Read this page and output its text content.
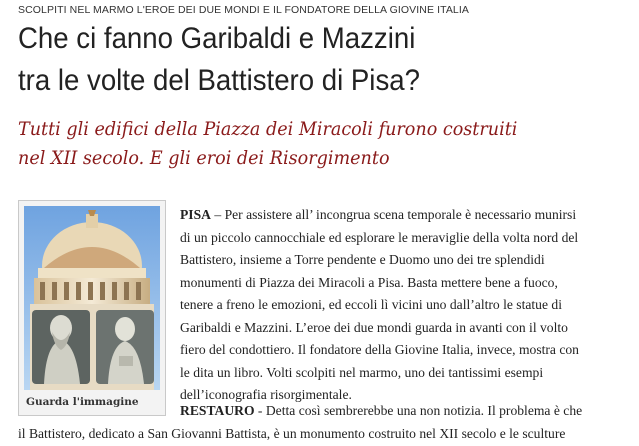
SCOLPITI NEL MARMO L'EROE DEI DUE MONDI E IL FONDATORE DELLA GIOVINE ITALIA
Che ci fanno Garibaldi e Mazzini
tra le volte del Battistero di Pisa?
Tutti gli edifici della Piazza dei Miracoli furono costruiti
nel XII secolo. E gli eroi dei Risorgimento
Guarda l'immagine
PISA – Per assistere all’ incongrua scena temporale è necessario munirsi
di un piccolo cannocchiale ed esplorare le meraviglie della volta nord del
Battistero, insieme a Torre pendente e Duomo uno dei tre splendidi
monumenti di Piazza dei Miracoli a Pisa. Basta mettere bene a fuoco,
tenere a freno le emozioni, ed eccoli lì vicini uno dall’altro le statue di
Garibaldi e Mazzini. L’eroe dei due mondi guarda in avanti con il volto
fiero del condottiero. Il fondatore della Giovine Italia, invece, mostra con
le dita un libro. Volti scolpiti nel marmo, uno dei tantissimi esempi
dell’iconografia risorgimentale.
RESTAURO - Detta così sembrerebbe una non notizia. Il problema è che
il Battistero, dedicato a San Giovanni Battista, è un monumento costruito nel XII secolo e le sculture
